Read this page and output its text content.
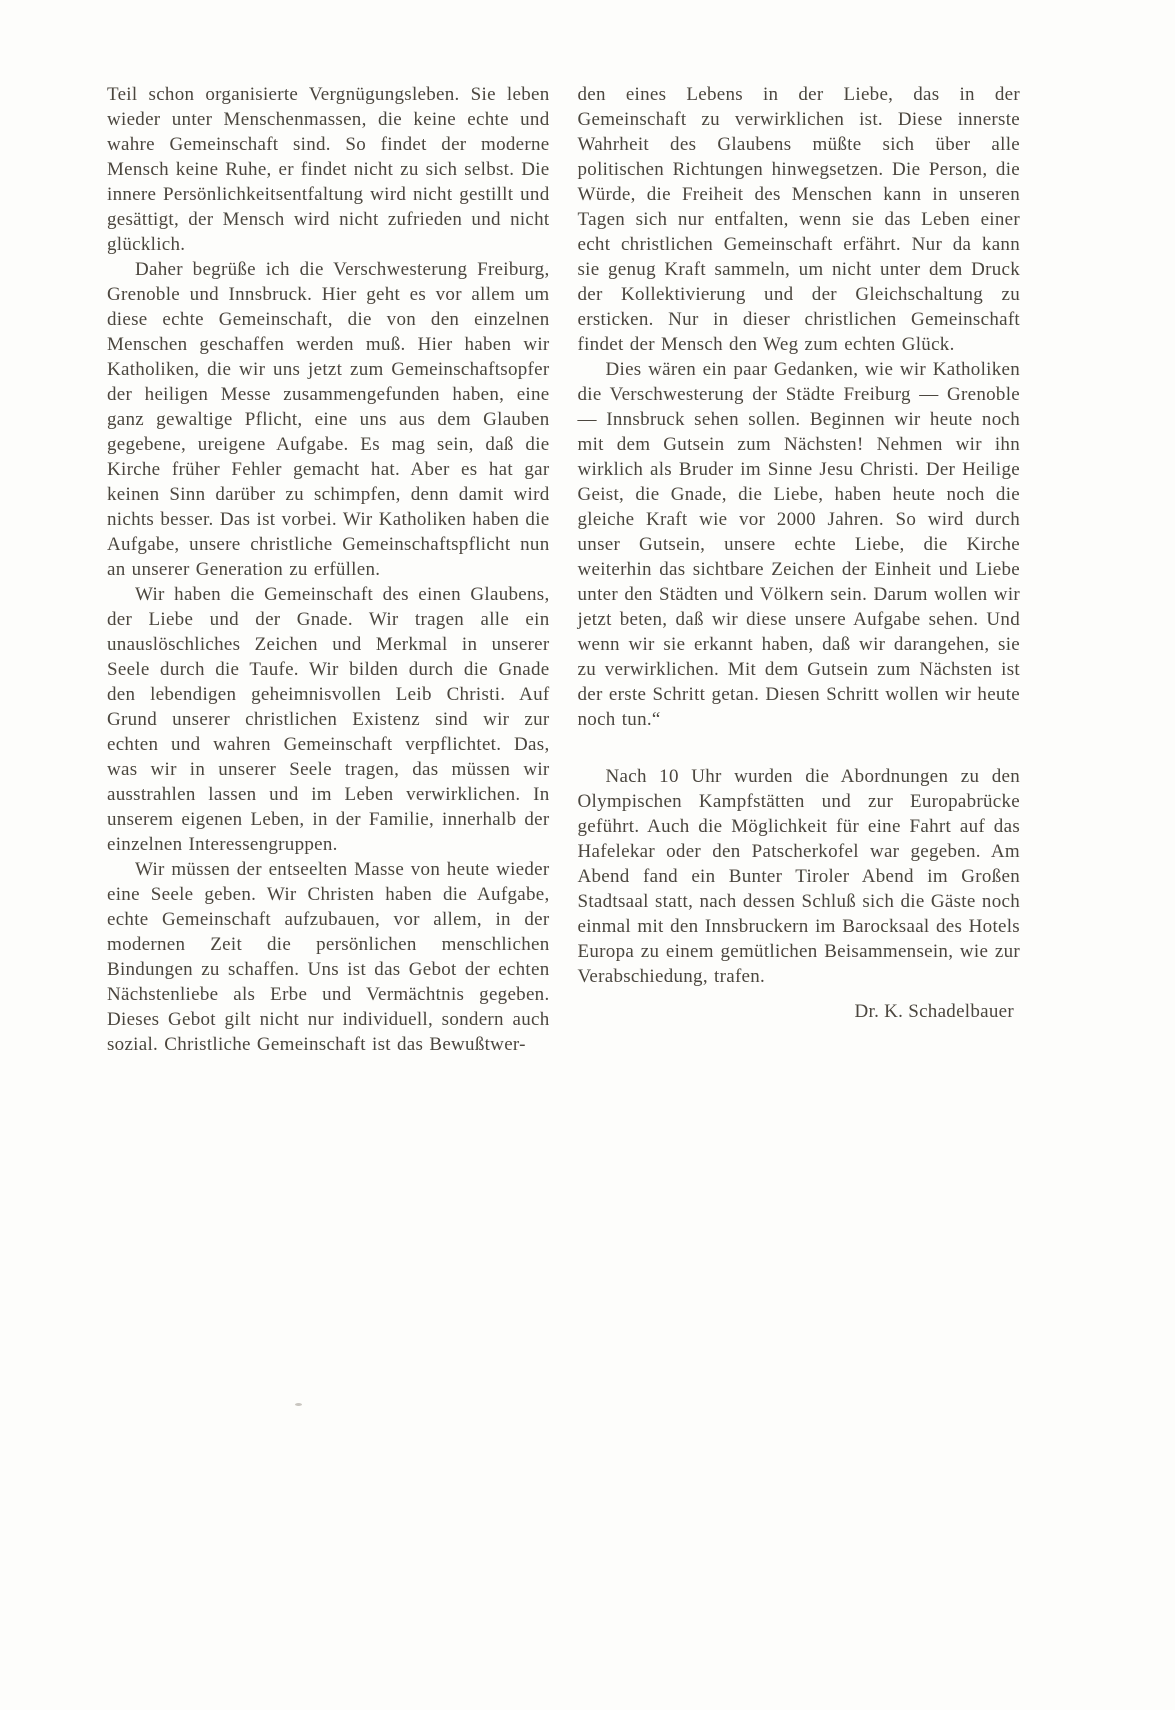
Teil schon organisierte Vergnügungsleben. Sie leben wieder unter Menschenmassen, die keine echte und wahre Gemeinschaft sind. So findet der moderne Mensch keine Ruhe, er findet nicht zu sich selbst. Die innere Persönlichkeitsentfaltung wird nicht gestillt und gesättigt, der Mensch wird nicht zufrieden und nicht glücklich.

Daher begrüße ich die Verschwesterung Freiburg, Grenoble und Innsbruck. Hier geht es vor allem um diese echte Gemeinschaft, die von den einzelnen Menschen geschaffen werden muß. Hier haben wir Katholiken, die wir uns jetzt zum Gemeinschaftsopfer der heiligen Messe zusammengefunden haben, eine ganz gewaltige Pflicht, eine uns aus dem Glauben gegebene, ureigene Aufgabe. Es mag sein, daß die Kirche früher Fehler gemacht hat. Aber es hat gar keinen Sinn darüber zu schimpfen, denn damit wird nichts besser. Das ist vorbei. Wir Katholiken haben die Aufgabe, unsere christliche Gemeinschaftspflicht nun an unserer Generation zu erfüllen.

Wir haben die Gemeinschaft des einen Glaubens, der Liebe und der Gnade. Wir tragen alle ein unauslöschliches Zeichen und Merkmal in unserer Seele durch die Taufe. Wir bilden durch die Gnade den lebendigen geheimnisvollen Leib Christi. Auf Grund unserer christlichen Existenz sind wir zur echten und wahren Gemeinschaft verpflichtet. Das, was wir in unserer Seele tragen, das müssen wir ausstrahlen lassen und im Leben verwirklichen. In unserem eigenen Leben, in der Familie, innerhalb der einzelnen Interessengruppen.

Wir müssen der entseelten Masse von heute wieder eine Seele geben. Wir Christen haben die Aufgabe, echte Gemeinschaft aufzubauen, vor allem, in der modernen Zeit die persönlichen menschlichen Bindungen zu schaffen. Uns ist das Gebot der echten Nächstenliebe als Erbe und Vermächtnis gegeben. Dieses Gebot gilt nicht nur individuell, sondern auch sozial. Christliche Gemeinschaft ist das Bewußtwer-

den eines Lebens in der Liebe, das in der Gemeinschaft zu verwirklichen ist. Diese innerste Wahrheit des Glaubens müßte sich über alle politischen Richtungen hinwegsetzen. Die Person, die Würde, die Freiheit des Menschen kann in unseren Tagen sich nur entfalten, wenn sie das Leben einer echt christlichen Gemeinschaft erfährt. Nur da kann sie genug Kraft sammeln, um nicht unter dem Druck der Kollektivierung und der Gleichschaltung zu ersticken. Nur in dieser christlichen Gemeinschaft findet der Mensch den Weg zum echten Glück.

Dies wären ein paar Gedanken, wie wir Katholiken die Verschwesterung der Städte Freiburg — Grenoble — Innsbruck sehen sollen. Beginnen wir heute noch mit dem Gutsein zum Nächsten! Nehmen wir ihn wirklich als Bruder im Sinne Jesu Christi. Der Heilige Geist, die Gnade, die Liebe, haben heute noch die gleiche Kraft wie vor 2000 Jahren. So wird durch unser Gutsein, unsere echte Liebe, die Kirche weiterhin das sichtbare Zeichen der Einheit und Liebe unter den Städten und Völkern sein. Darum wollen wir jetzt beten, daß wir diese unsere Aufgabe sehen. Und wenn wir sie erkannt haben, daß wir darangehen, sie zu verwirklichen. Mit dem Gutsein zum Nächsten ist der erste Schritt getan. Diesen Schritt wollen wir heute noch tun.“

Nach 10 Uhr wurden die Abordnungen zu den Olympischen Kampfstätten und zur Europabrücke geführt. Auch die Möglichkeit für eine Fahrt auf das Hafelekar oder den Patscherkofel war gegeben. Am Abend fand ein Bunter Tiroler Abend im Großen Stadtsaal statt, nach dessen Schluß sich die Gäste noch einmal mit den Innsbruckern im Barocksaal des Hotels Europa zu einem gemütlichen Beisammensein, wie zur Verabschiedung, trafen.

Dr. K. Schadelbauer
